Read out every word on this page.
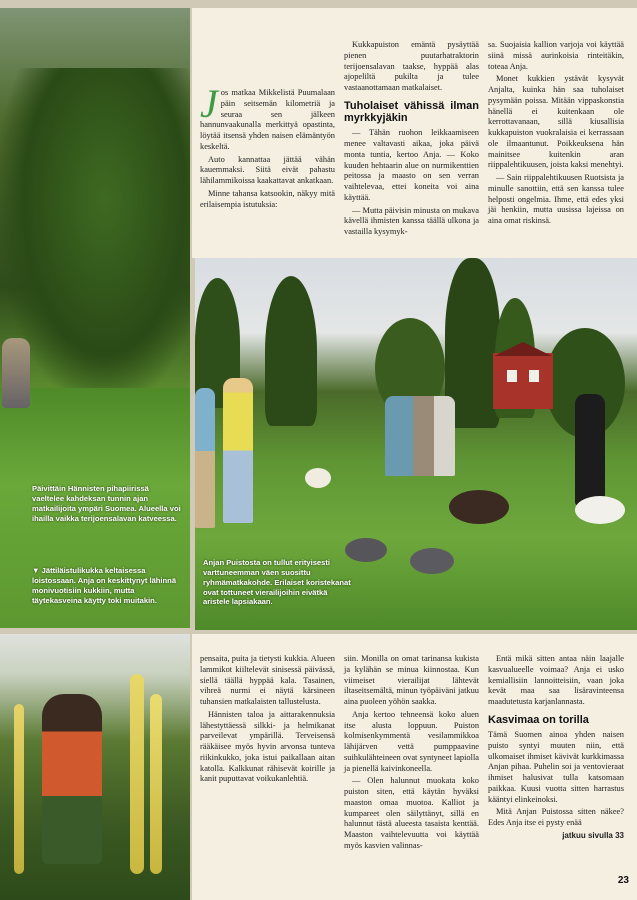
Päivittäin Hännisten pihapiirissä vaeltelee kahdeksan tunnin ajan matkailijoita ympäri Suomea. Alueella voi ihailla vaikka terijoensalavan katveessa.
▼ Jättiläistulikukka keltaisessa loistossaan. Anja on keskittynyt lähinnä monivuotisiin kukkiin, mutta täytekasveina käytty toki muitakin.

Jos matkaa Mikkelistä Puumalaan päin seitsemän kilometriä ja seuraa sen jälkeen hannunvaakunalla merkittyä opastinta, löytää itsensä yhden naisen elämäntyön keskeltä.

Auto kannattaa jättää vähän kauemmaksi. Siitä eivät pahastu lähilammikoissa kaakattavat ankatkaan.

Minne tahansa katsookin, näkyy mitä erilaisempia istutuksia:

Kukkapuiston emäntä pysäyttää pienen puutarhatraktorin terijoensalavan taakse, hyppää alas ajopeliltä pukilta ja tulee vastaanottamaan matkalaiset.

Tuholaiset vähissä ilman myrkkyjäkin

— Tähän ruohon leikkaamiseen menee valtavasti aikaa, joka päivä monta tuntia, kertoo Anja. — Koko kuuden hehtaarin alue on nurmikenttien peitossa ja maasto on sen verran vaihtelevaa, ettei koneita voi aina käyttää.

— Mutta päivisin minusta on mukava kävellä ihmisten kanssa täällä ulkona ja vastailla kysymyk-

sa. Suojaisia kallion varjoja voi käyttää siinä missä aurinkoisia rinteitäkin, toteaa Anja.

Monet kukkien ystävät kysyvät Anjalta, kuinka hän saa tuholaiset pysymään poissa. Mitään vippaskonstia hänellä ei kuitenkaan ole kerrottavanaan, sillä kiusallisia kukkapuiston vuokralaisia ei kerrassaan ole ilmaantunut. Poikkeuksena hän mainitsee kuitenkin aran riippalehtikuusen, joista kaksi menehtyi.

— Sain riippalehtikuusen Ruotsista ja minulle sanottiin, että sen kanssa tulee helposti ongelmia. Ihme, että edes yksi jäi henkiin, mutta uusissa lajeissa on aina omat riskinsä.

Anjan Puistosta on tullut erityisesti varttuneemman väen suosittu ryhmämatkakohde. Erilaiset koristekanat ovat tottuneet vierailijoihin eivätkä aristele lapsiakaan.

pensaita, puita ja tietysti kukkia. Alueen lammikot kiiltelevät sinisessä päivässä, siellä täällä hyppää kala. Tasainen, vihreä nurmi ei näytä kärsineen tuhansien matkalaisten tallustelusta.

Hännisten taloa ja aittarakennuksia lähestyttäessä silkki- ja helmikanat parveilevat ympärillä. Terveisensä rääkäisee myös hyvin arvonsa tunteva riikinkukko, joka istui paikallaan aitan katolla. Kalkkunat rähisevät koirille ja kanit puputtavat voikukanlehtiä.

siin. Monilla on omat tarinansa kukista ja kylähän se minua kiinnostaa. Kun viimeiset vierailijat lähtevät iltaseitsemältä, minun työpäiväni jatkuu aina puoleen yöhön saakka.

Anja kertoo tehneensä koko aluen itse alusta loppuun. Puiston kolmisenkymmentä vesilammikkoa lähijärven vettä pumppaavine suihkulähteineen ovat syntyneet lapiolla ja pienellä kaivinkoneella.

— Olen halunnut muokata koko puiston siten, että käytän hyväksi maaston omaa muotoa. Kalliot ja kumpareet olen säilyttänyt, sillä en halunnut tästä alueesta tasaista kenttää. Maaston vaihtelevuutta voi käyttää myös kasvien valinnas-

Entä mikä sitten antaa näin laajalle kasvualueelle voimaa? Anja ei usko kemiallisiin lannoitteisiin, vaan joka kevät maa saa lisäravinteensa maadutetusta karjanlannasta.

Kasvimaa on torilla

Tämä Suomen ainoa yhden naisen puisto syntyi muuten niin, että ulkomaiset ihmiset kävivät kurkkimassa Anjan pihaa. Puhelin soi ja ventovieraat ihmiset halusivat tulla katsomaan paikkaa. Kuusi vuotta sitten harrastus kääntyi elinkeinoksi.

Mitä Anjan Puistossa sitten näkee? Edes Anja itse ei pysty enää

jatkuu sivulla 33
23
